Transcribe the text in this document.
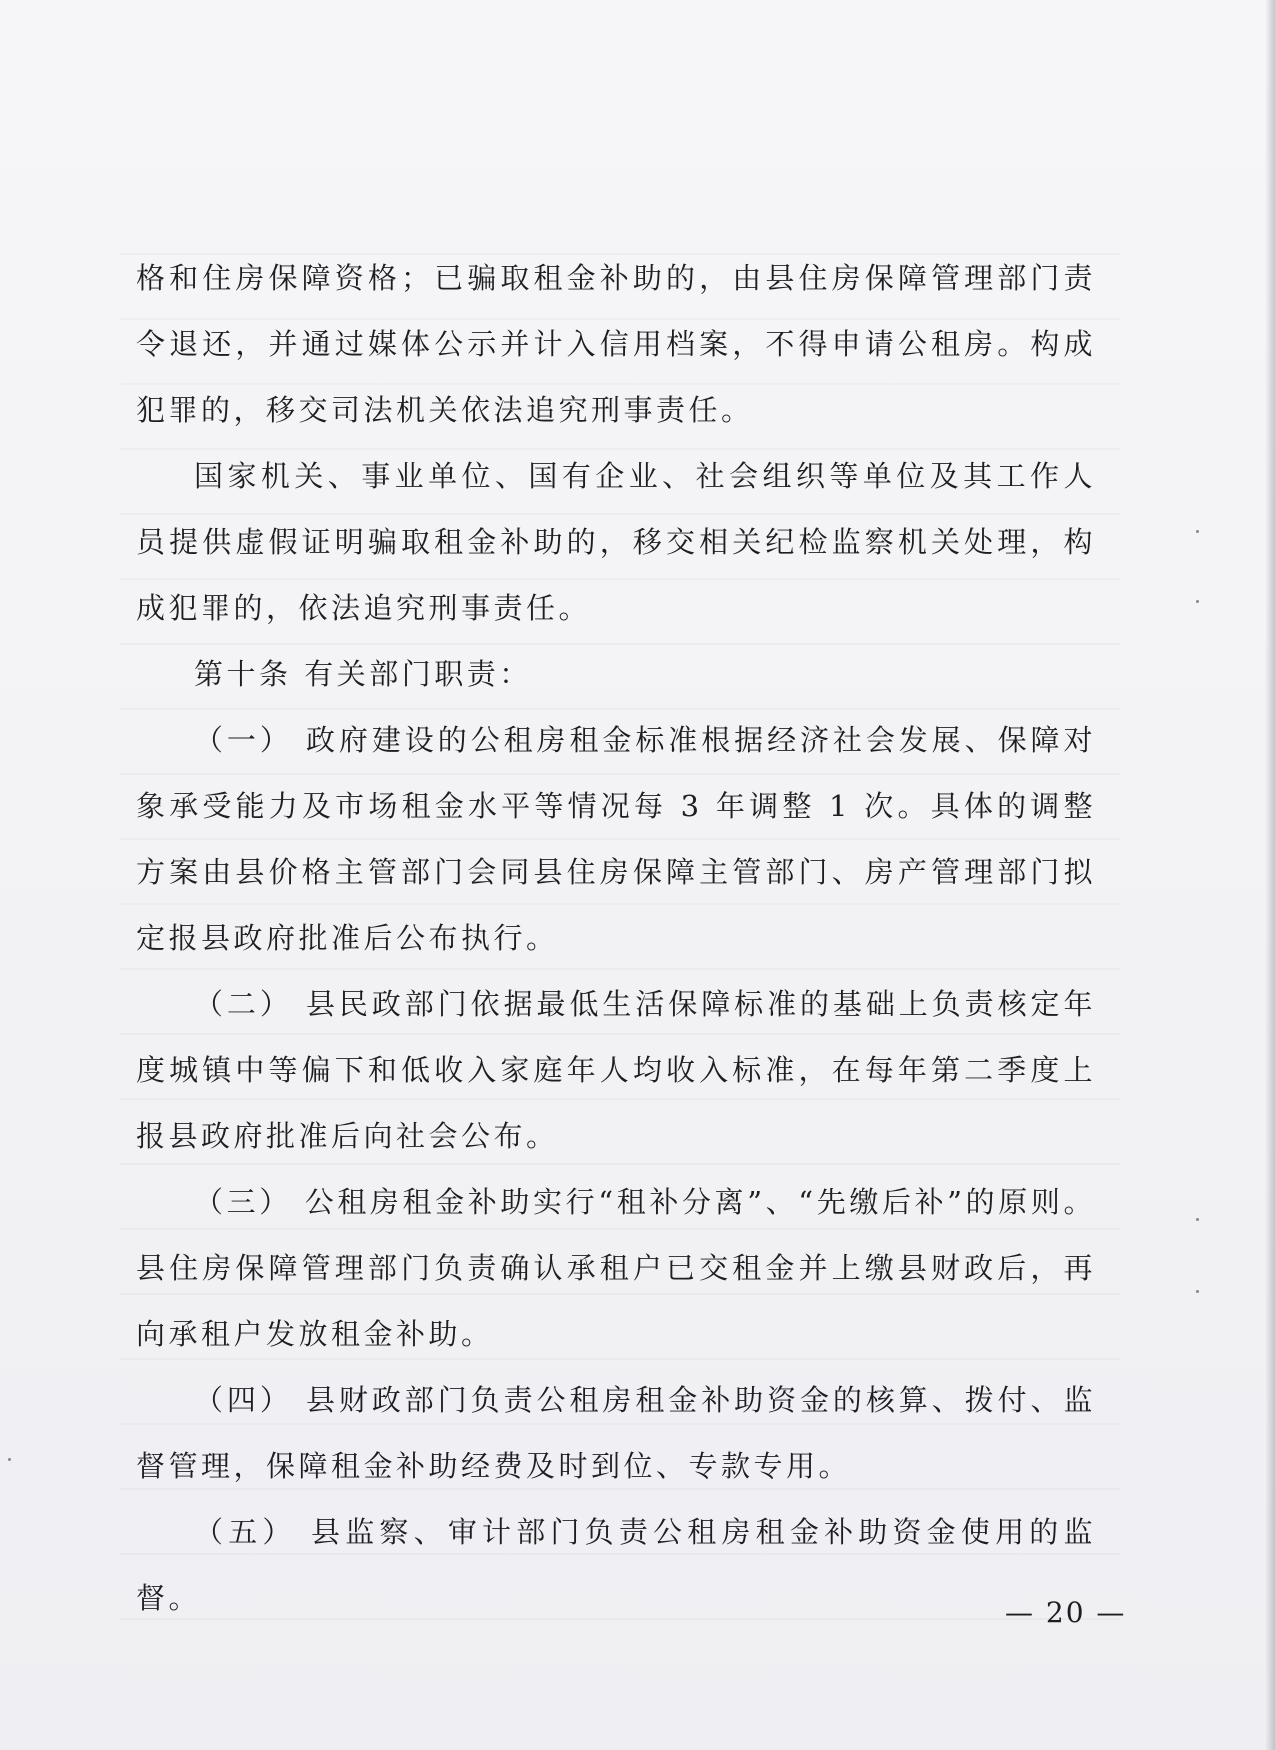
格和住房保障资格；已骗取租金补助的，由县住房保障管理部门责令退还，并通过媒体公示并计入信用档案，不得申请公租房。构成犯罪的，移交司法机关依法追究刑事责任。

国家机关、事业单位、国有企业、社会组织等单位及其工作人员提供虚假证明骗取租金补助的，移交相关纪检监察机关处理，构成犯罪的，依法追究刑事责任。

第十条 有关部门职责：

（一） 政府建设的公租房租金标准根据经济社会发展、保障对象承受能力及市场租金水平等情况每 3 年调整 1 次。具体的调整方案由县价格主管部门会同县住房保障主管部门、房产管理部门拟定报县政府批准后公布执行。

（二） 县民政部门依据最低生活保障标准的基础上负责核定年度城镇中等偏下和低收入家庭年人均收入标准，在每年第二季度上报县政府批准后向社会公布。

（三） 公租房租金补助实行“租补分离”、“先缴后补”的原则。县住房保障管理部门负责确认承租户已交租金并上缴县财政后，再向承租户发放租金补助。

（四） 县财政部门负责公租房租金补助资金的核算、拨付、监督管理，保障租金补助经费及时到位、专款专用。

（五） 县监察、审计部门负责公租房租金补助资金使用的监督。	— 20 —
